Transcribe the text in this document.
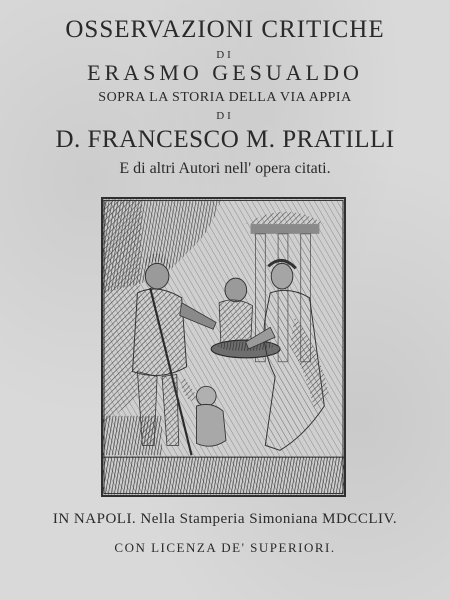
OSSERVAZIONI CRITICHE
DI
ERASMO GESUALDO
SOPRA LA STORIA DELLA VIA APPIA
DI
D. FRANCESCO M. PRATILLI
E di altri Autori nell' opera citati.
IN NAPOLI. Nella Stamperia Simoniana MDCCLIV.
CON LICENZA DE' SUPERIORI.
